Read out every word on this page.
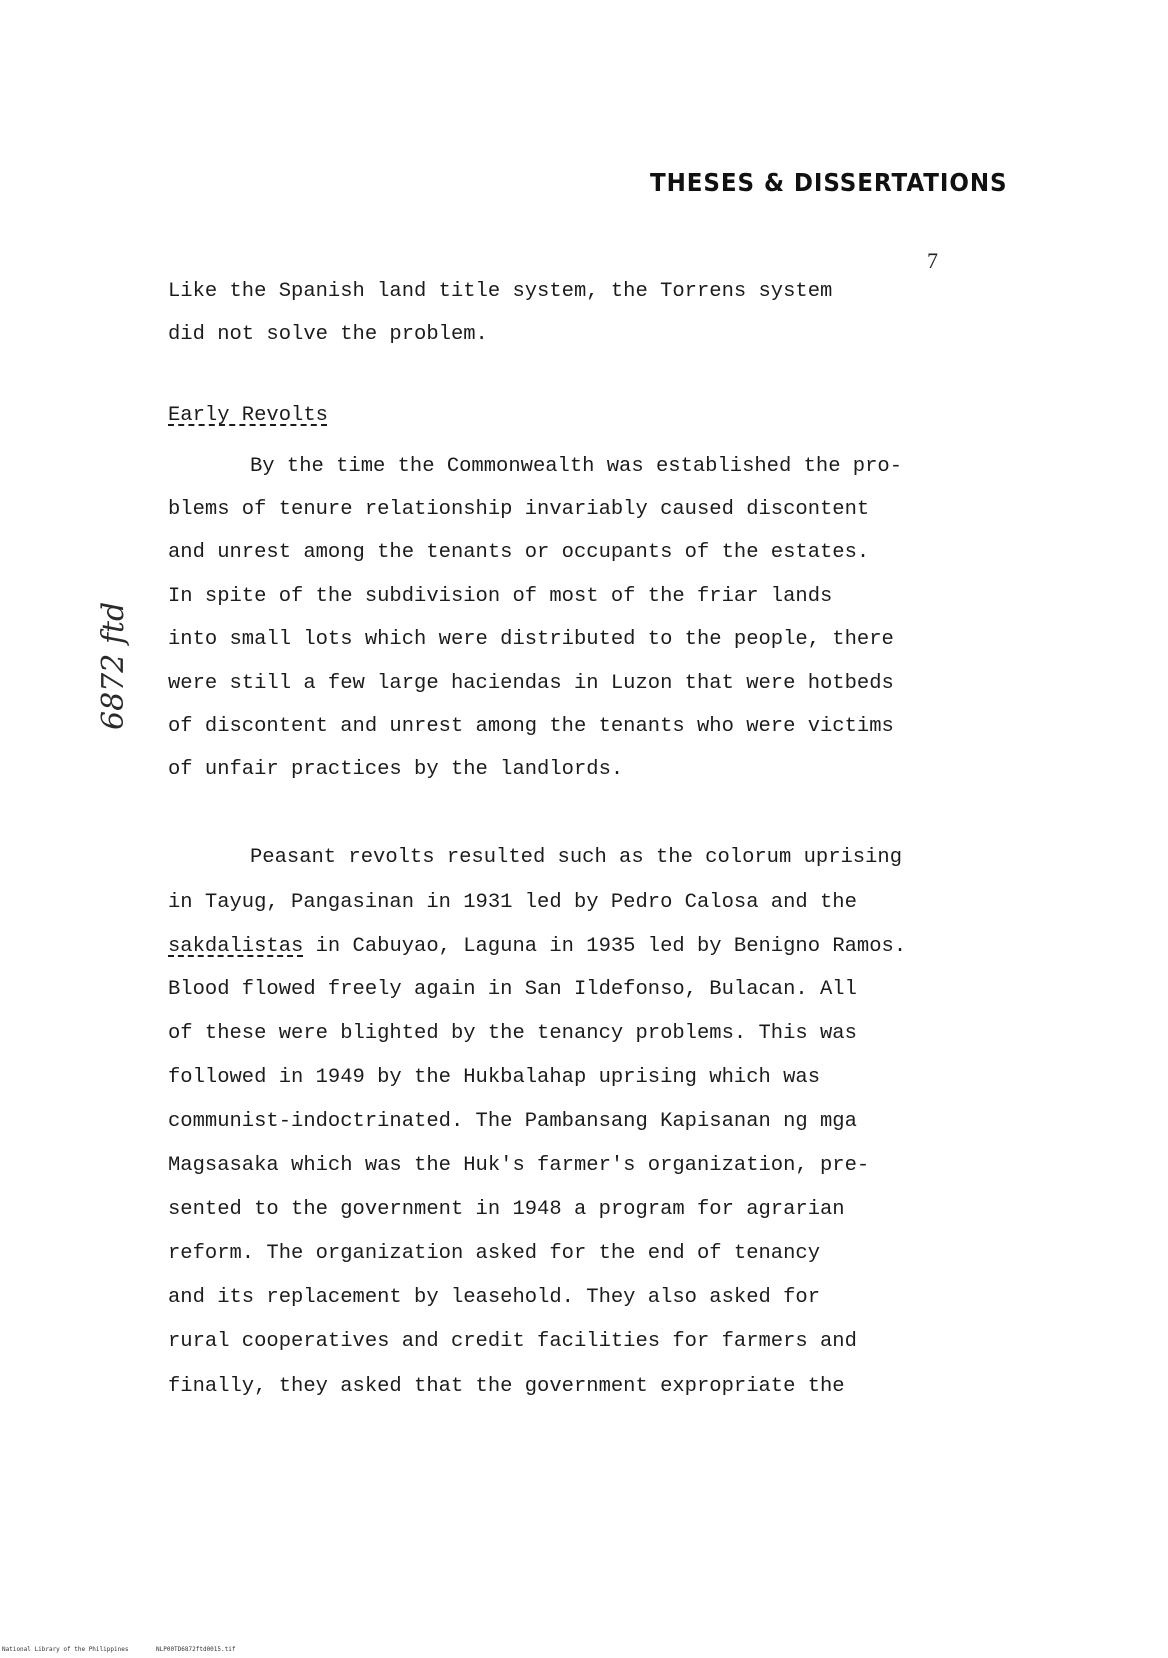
THESES & DISSERTATIONS
7
6872 ftd
Like the Spanish land title system, the Torrens system
did not solve the problem.
Early Revolts
By the time the Commonwealth was established the pro-
blems of tenure relationship invariably caused discontent
and unrest among the tenants or occupants of the estates.
In spite of the subdivision of most of the friar lands
into small lots which were distributed to the people, there
were still a few large haciendas in Luzon that were hotbeds
of discontent and unrest among the tenants who were victims
of unfair practices by the landlords.
Peasant revolts resulted such as the colorum uprising
in Tayug, Pangasinan in 1931 led by Pedro Calosa and the
sakdalistas in Cabuyao, Laguna in 1935 led by Benigno Ramos.
Blood flowed freely again in San Ildefonso, Bulacan. All
of these were blighted by the tenancy problems. This was
followed in 1949 by the Hukbalahap uprising which was
communist-indoctrinated. The Pambansang Kapisanan ng mga
Magsasaka which was the Huk's farmer's organization, pre-
sented to the government in 1948 a program for agrarian
reform. The organization asked for the end of tenancy
and its replacement by leasehold. They also asked for
rural cooperatives and credit facilities for farmers and
finally, they asked that the government expropriate the
National Library of the Philippines	NLP00TD6872ftd0015.tif
